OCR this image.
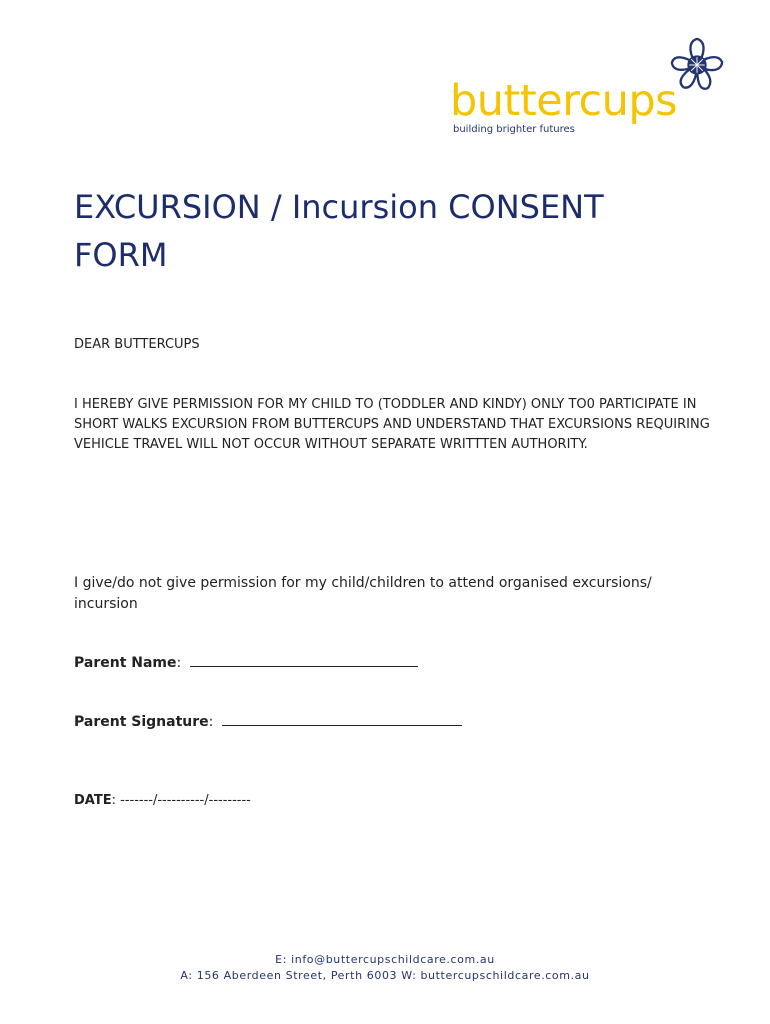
buttercups
building brighter futures
EXCURSION / Incursion CONSENT FORM
DEAR BUTTERCUPS

I HEREBY GIVE PERMISSION FOR MY CHILD TO (TODDLER AND KINDY) ONLY TO0 PARTICIPATE IN SHORT WALKS EXCURSION FROM BUTTERCUPS AND UNDERSTAND THAT EXCURSIONS REQUIRING VEHICLE TRAVEL WILL NOT OCCUR WITHOUT SEPARATE WRITTTEN AUTHORITY.

I give/do not give permission for my child/children to attend organised excursions/ incursion

Parent Name:
Parent Signature:
DATE: -------/----------/---------
E: info@buttercupschildcare.com.au
A: 156 Aberdeen Street, Perth 6003 W: buttercupschildcare.com.au
